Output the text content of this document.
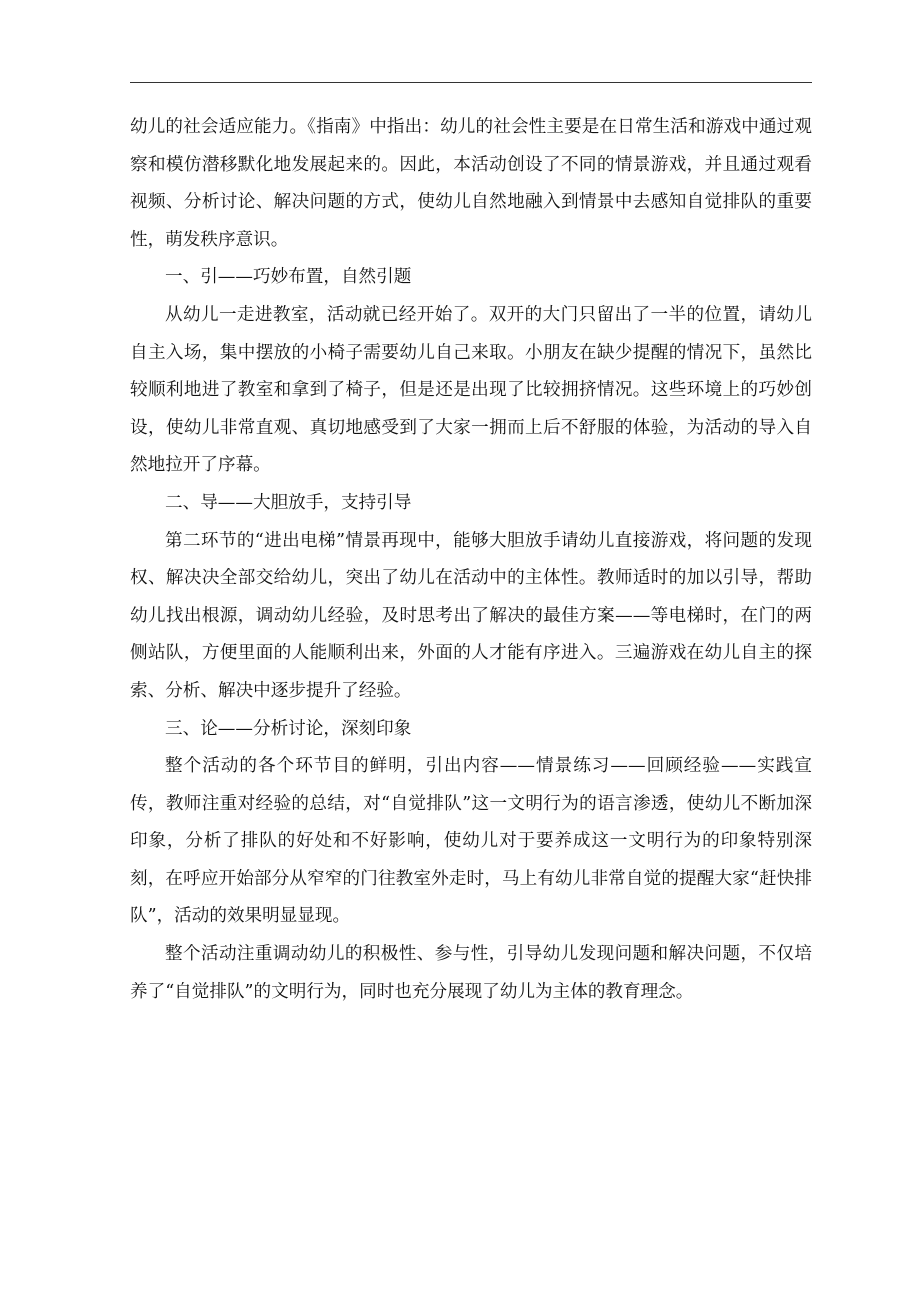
幼儿的社会适应能力。《指南》中指出：幼儿的社会性主要是在日常生活和游戏中通过观察和模仿潜移默化地发展起来的。因此，本活动创设了不同的情景游戏，并且通过观看视频、分析讨论、解决问题的方式，使幼儿自然地融入到情景中去感知自觉排队的重要性，萌发秩序意识。

一、引——巧妙布置，自然引题

从幼儿一走进教室，活动就已经开始了。双开的大门只留出了一半的位置，请幼儿自主入场，集中摆放的小椅子需要幼儿自己来取。小朋友在缺少提醒的情况下，虽然比较顺利地进了教室和拿到了椅子，但是还是出现了比较拥挤情况。这些环境上的巧妙创设，使幼儿非常直观、真切地感受到了大家一拥而上后不舒服的体验，为活动的导入自然地拉开了序幕。

二、导——大胆放手，支持引导

第二环节的“进出电梯”情景再现中，能够大胆放手请幼儿直接游戏，将问题的发现权、解决决全部交给幼儿，突出了幼儿在活动中的主体性。教师适时的加以引导，帮助幼儿找出根源，调动幼儿经验，及时思考出了解决的最佳方案——等电梯时，在门的两侧站队，方便里面的人能顺利出来，外面的人才能有序进入。三遍游戏在幼儿自主的探索、分析、解决中逐步提升了经验。

三、论——分析讨论，深刻印象

整个活动的各个环节目的鲜明，引出内容——情景练习——回顾经验——实践宣传，教师注重对经验的总结，对“自觉排队”这一文明行为的语言渗透，使幼儿不断加深印象，分析了排队的好处和不好影响，使幼儿对于要养成这一文明行为的印象特别深刻，在呼应开始部分从窄窄的门往教室外走时，马上有幼儿非常自觉的提醒大家“赶快排队”，活动的效果明显显现。

整个活动注重调动幼儿的积极性、参与性，引导幼儿发现问题和解决问题，不仅培养了“自觉排队”的文明行为，同时也充分展现了幼儿为主体的教育理念。
